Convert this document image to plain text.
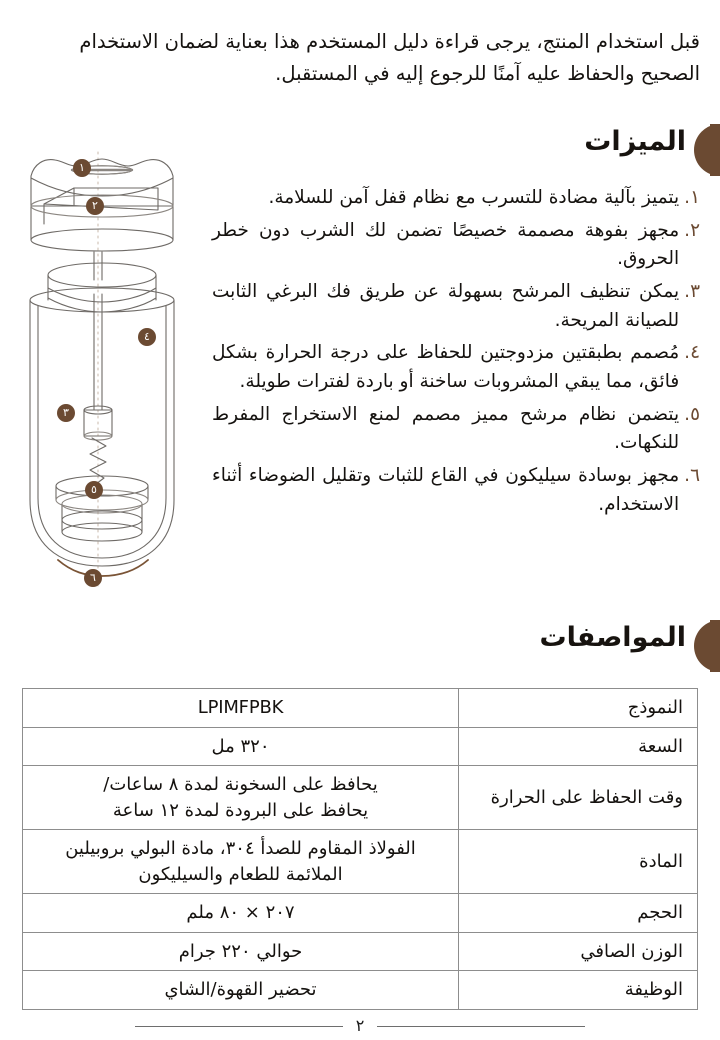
قبل استخدام المنتج، يرجى قراءة دليل المستخدم هذا بعناية لضمان الاستخدام الصحيح والحفاظ عليه آمنًا للرجوع إليه في المستقبل.
الميزات
١
٢
٤
٣
٥
٦
١.
يتميز بآلية مضادة للتسرب مع نظام قفل آمن للسلامة.
٢.
مجهز بفوهة مصممة خصيصًا تضمن لك الشرب دون خطر الحروق.
٣.
يمكن تنظيف المرشح بسهولة عن طريق فك البرغي الثابت للصيانة المريحة.
٤.
مُصمم بطبقتين مزدوجتين للحفاظ على درجة الحرارة بشكل فائق، مما يبقي المشروبات ساخنة أو باردة لفترات طويلة.
٥.
يتضمن نظام مرشح مميز مصمم لمنع الاستخراج المفرط للنكهات.
٦.
مجهز بوسادة سيليكون في القاع للثبات وتقليل الضوضاء أثناء الاستخدام.
المواصفات
النموذج	LPIMFPBK
السعة	٣٢٠ مل
وقت الحفاظ على الحرارة	يحافظ على السخونة لمدة ٨ ساعات/
يحافظ على البرودة لمدة ١٢ ساعة
المادة	الفولاذ المقاوم للصدأ ٣٠٤، مادة البولي بروبيلين الملائمة للطعام والسيليكون
الحجم	٢٠٧ × ٨٠ ملم
الوزن الصافي	حوالي ٢٢٠ جرام
الوظيفة	تحضير القهوة/الشاي
٢
